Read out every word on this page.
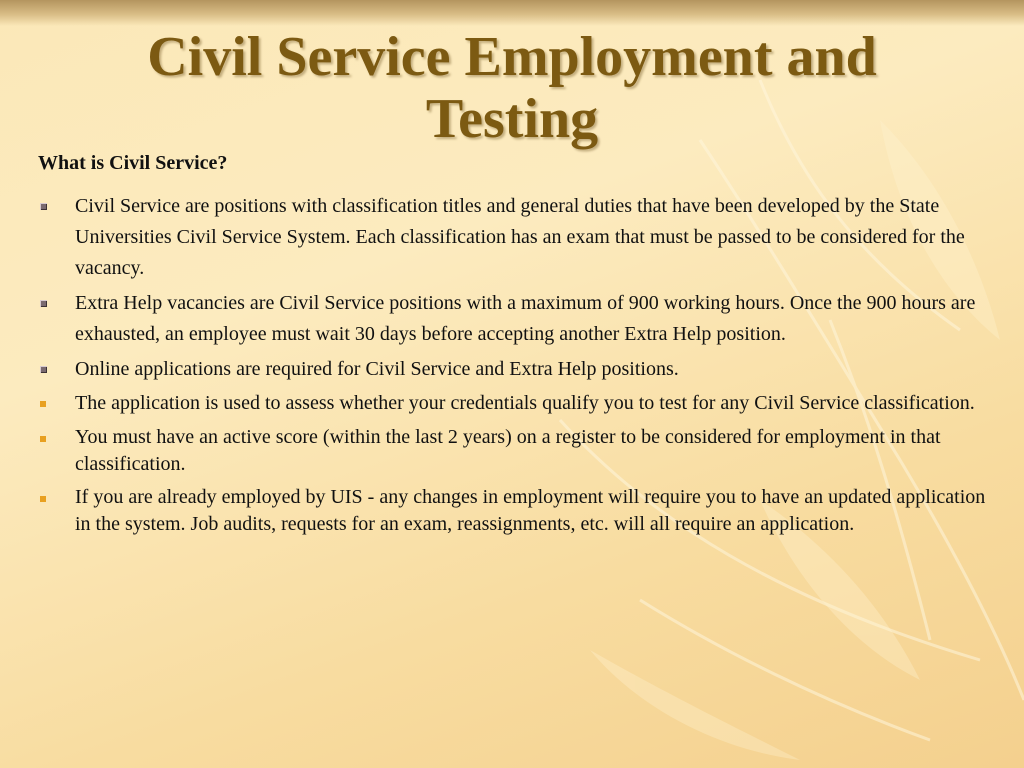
Civil Service Employment and
Testing

What is Civil Service?

Civil Service are positions with classification titles and general duties that have been developed by the State Universities Civil Service System. Each classification has an exam that must be passed to be considered for the vacancy.
Extra Help vacancies are Civil Service positions with a maximum of 900 working hours. Once the 900 hours are exhausted, an employee must wait 30 days before accepting another Extra Help position.
Online applications are required for Civil Service and Extra Help positions.
The application is used to assess whether your credentials qualify you to test for any Civil Service classification.
You must have an active score (within the last 2 years) on a register to be considered for employment in that classification.
If you are already employed by UIS - any changes in employment will require you to have an updated application in the system. Job audits, requests for an exam, reassignments, etc. will all require an application.
